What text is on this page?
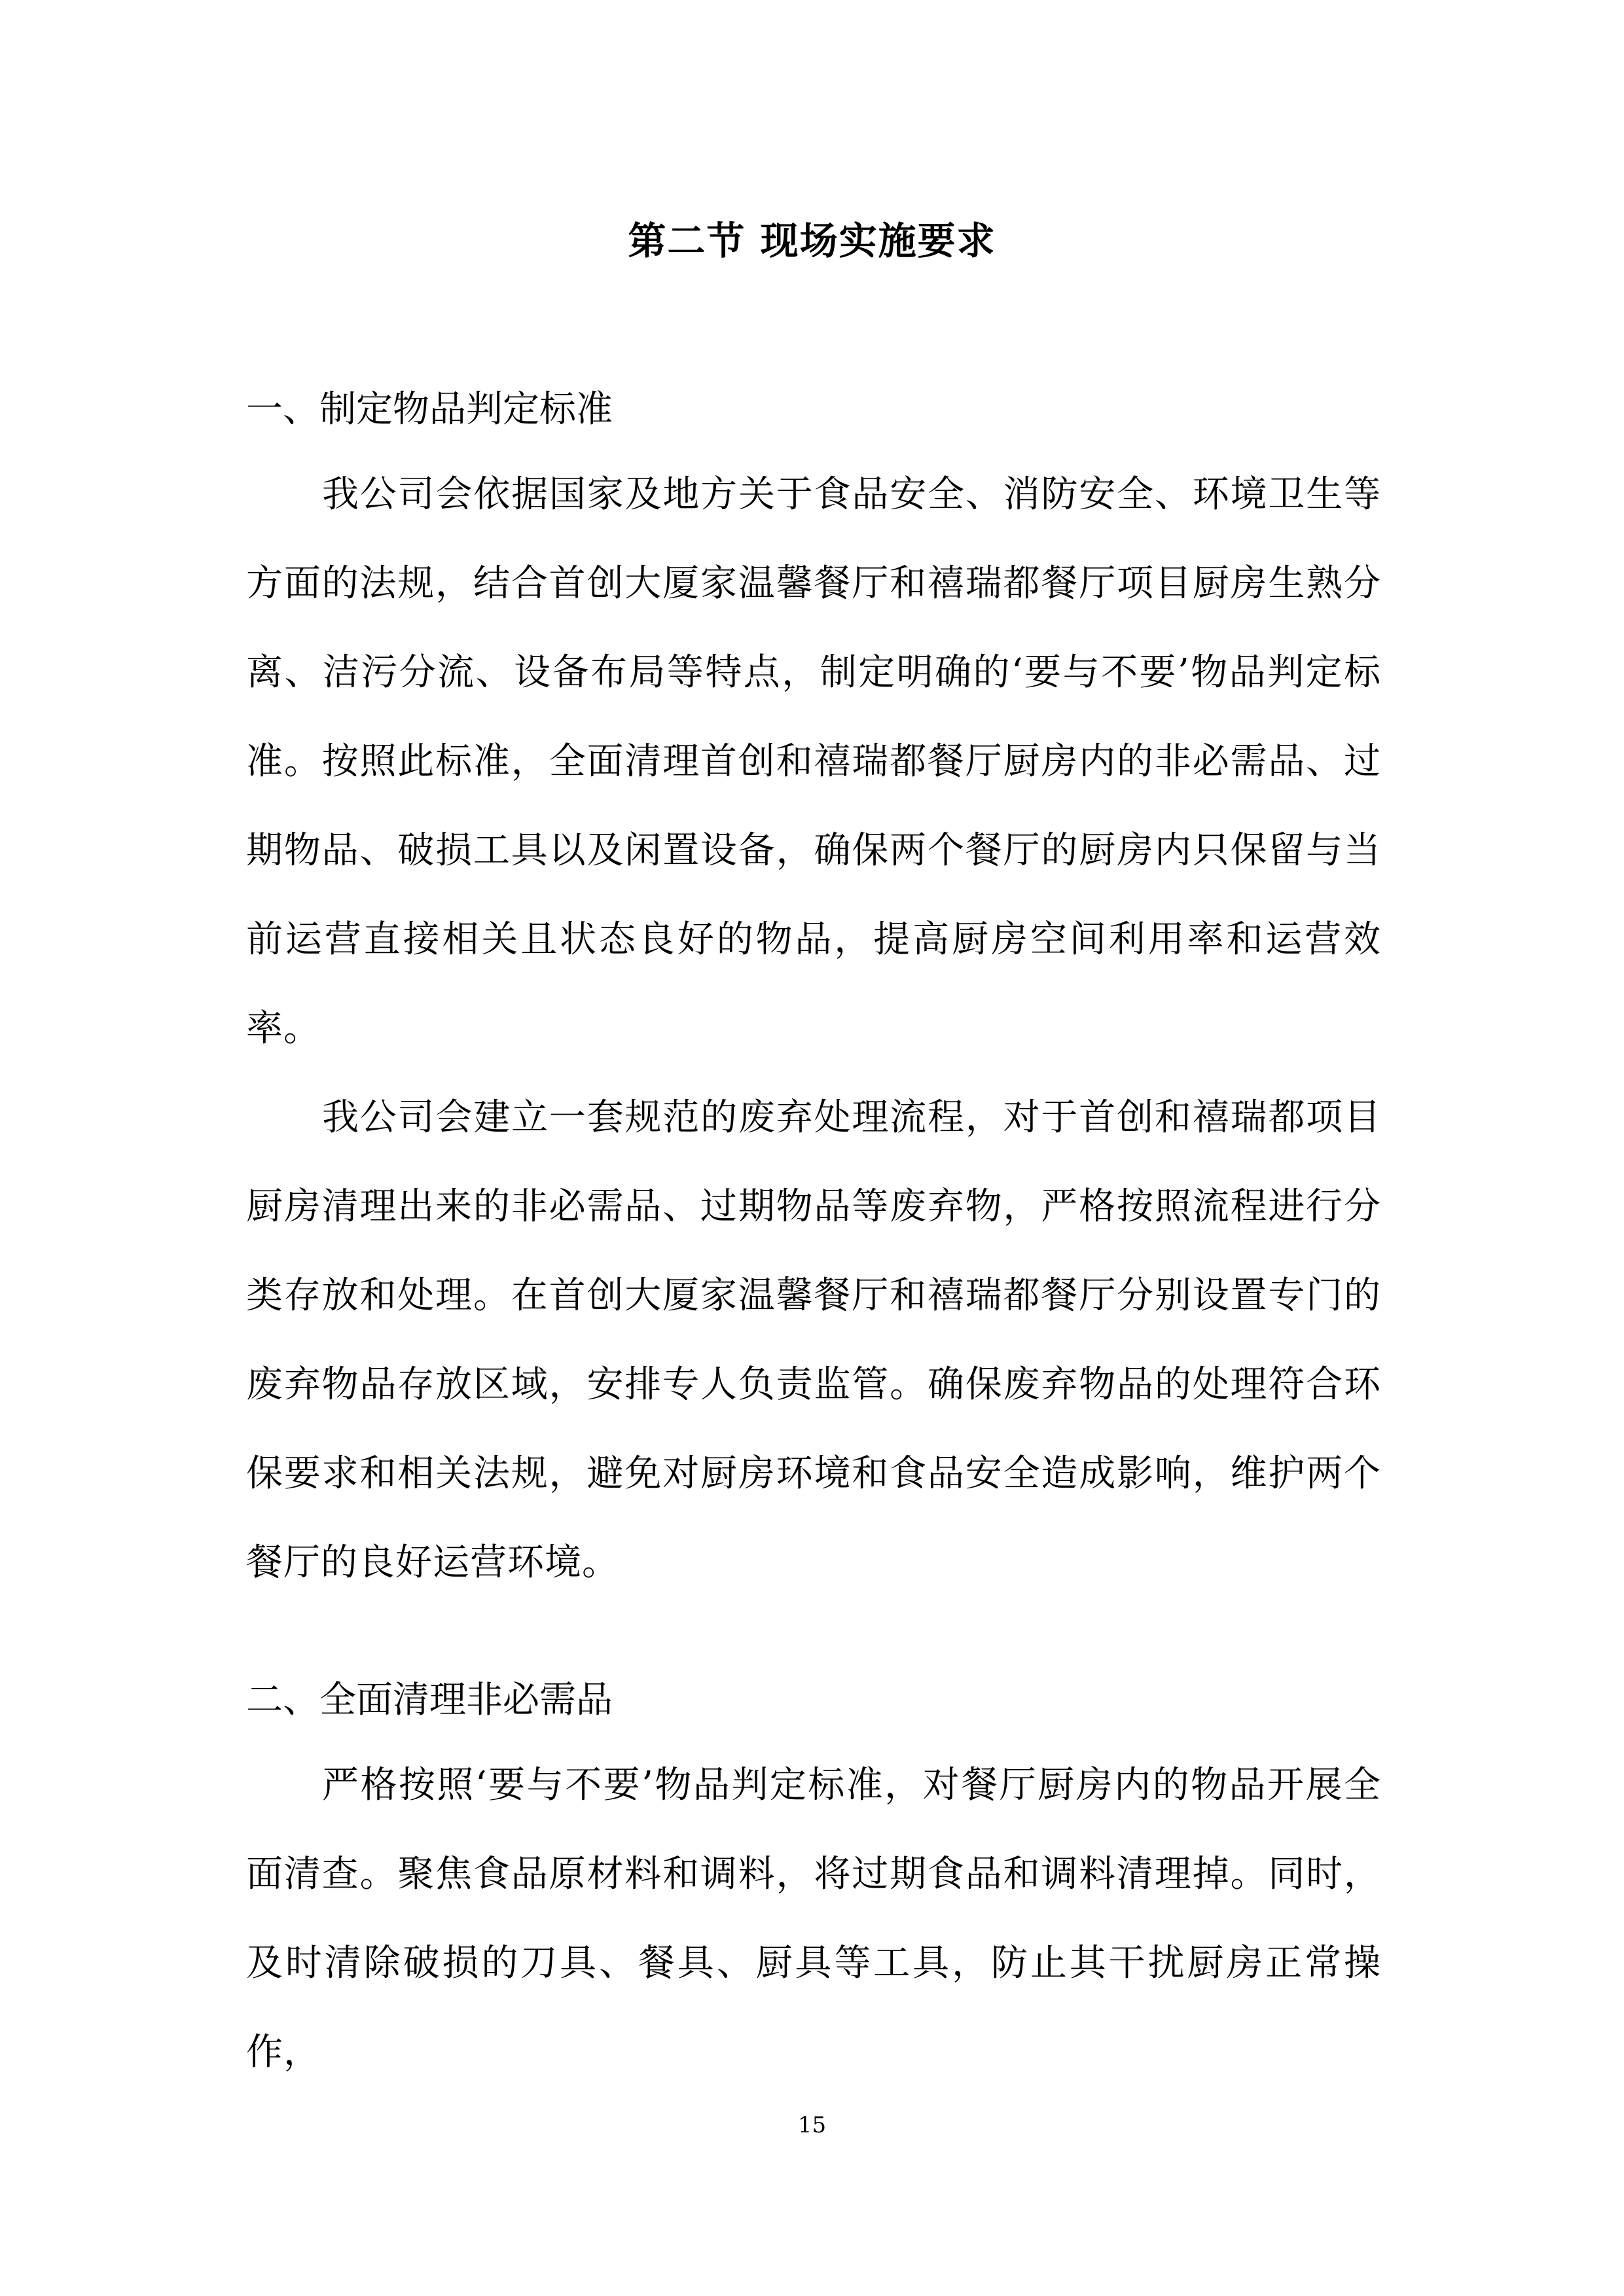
第二节 现场实施要求
一、制定物品判定标准

我公司会依据国家及地方关于食品安全、消防安全、环境卫生等方面的法规，结合首创大厦家温馨餐厅和禧瑞都餐厅项目厨房生熟分离、洁污分流、设备布局等特点，制定明确的‘要与不要’物品判定标准。按照此标准，全面清理首创和禧瑞都餐厅厨房内的非必需品、过期物品、破损工具以及闲置设备，确保两个餐厅的厨房内只保留与当前运营直接相关且状态良好的物品，提高厨房空间利用率和运营效率。

我公司会建立一套规范的废弃处理流程，对于首创和禧瑞都项目厨房清理出来的非必需品、过期物品等废弃物，严格按照流程进行分类存放和处理。在首创大厦家温馨餐厅和禧瑞都餐厅分别设置专门的废弃物品存放区域，安排专人负责监管。确保废弃物品的处理符合环保要求和相关法规，避免对厨房环境和食品安全造成影响，维护两个餐厅的良好运营环境。

二、全面清理非必需品

严格按照‘要与不要’物品判定标准，对餐厅厨房内的物品开展全面清查。聚焦食品原材料和调料，将过期食品和调料清理掉。同时，及时清除破损的刀具、餐具、厨具等工具，防止其干扰厨房正常操作，

15
